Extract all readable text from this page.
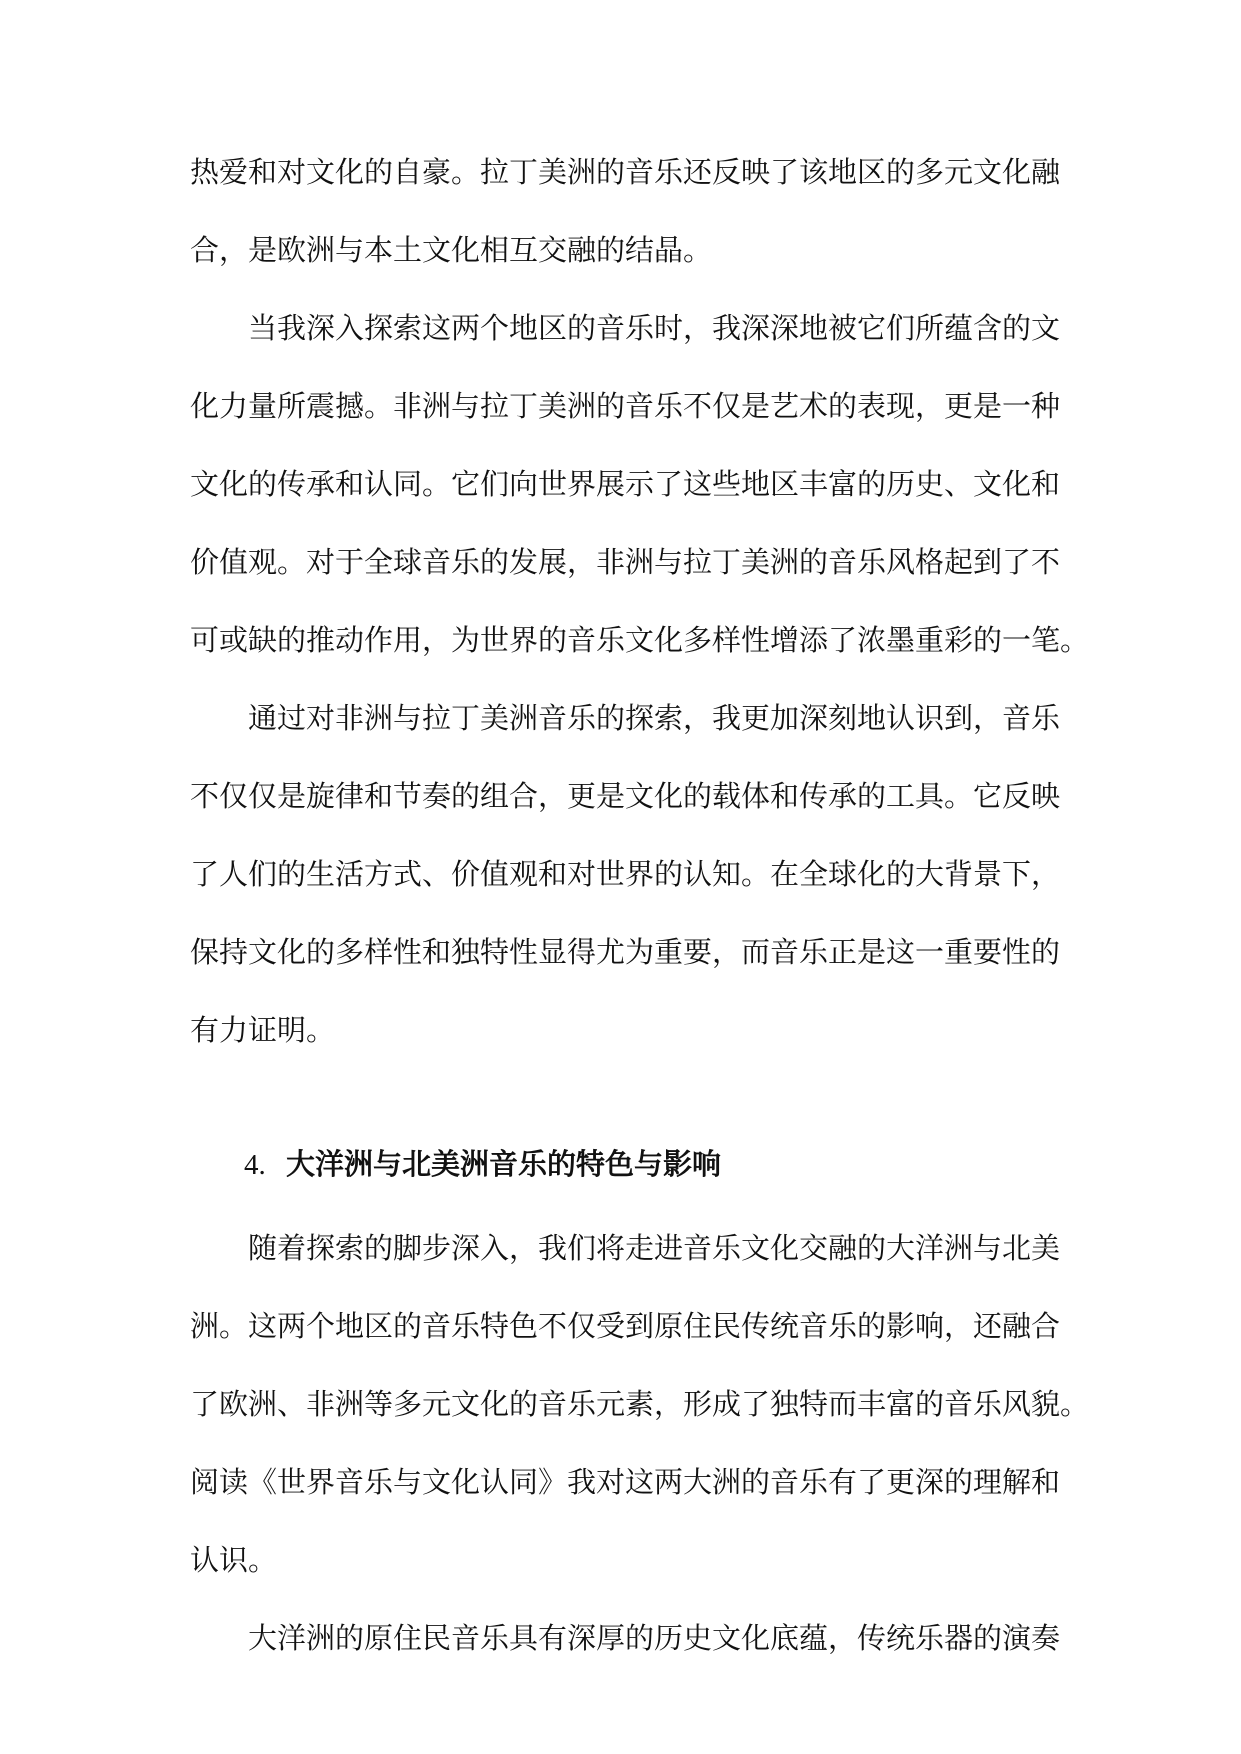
热爱和对文化的自豪。拉丁美洲的音乐还反映了该地区的多元文化融
合，是欧洲与本土文化相互交融的结晶。
当我深入探索这两个地区的音乐时，我深深地被它们所蕴含的文
化力量所震撼。非洲与拉丁美洲的音乐不仅是艺术的表现，更是一种
文化的传承和认同。它们向世界展示了这些地区丰富的历史、文化和
价值观。对于全球音乐的发展，非洲与拉丁美洲的音乐风格起到了不
可或缺的推动作用，为世界的音乐文化多样性增添了浓墨重彩的一笔。
通过对非洲与拉丁美洲音乐的探索，我更加深刻地认识到，音乐
不仅仅是旋律和节奏的组合，更是文化的载体和传承的工具。它反映
了人们的生活方式、价值观和对世界的认知。在全球化的大背景下，
保持文化的多样性和独特性显得尤为重要，而音乐正是这一重要性的
有力证明。
4. 大洋洲与北美洲音乐的特色与影响
随着探索的脚步深入，我们将走进音乐文化交融的大洋洲与北美
洲。这两个地区的音乐特色不仅受到原住民传统音乐的影响，还融合
了欧洲、非洲等多元文化的音乐元素，形成了独特而丰富的音乐风貌。
阅读《世界音乐与文化认同》我对这两大洲的音乐有了更深的理解和
认识。
大洋洲的原住民音乐具有深厚的历史文化底蕴，传统乐器的演奏
